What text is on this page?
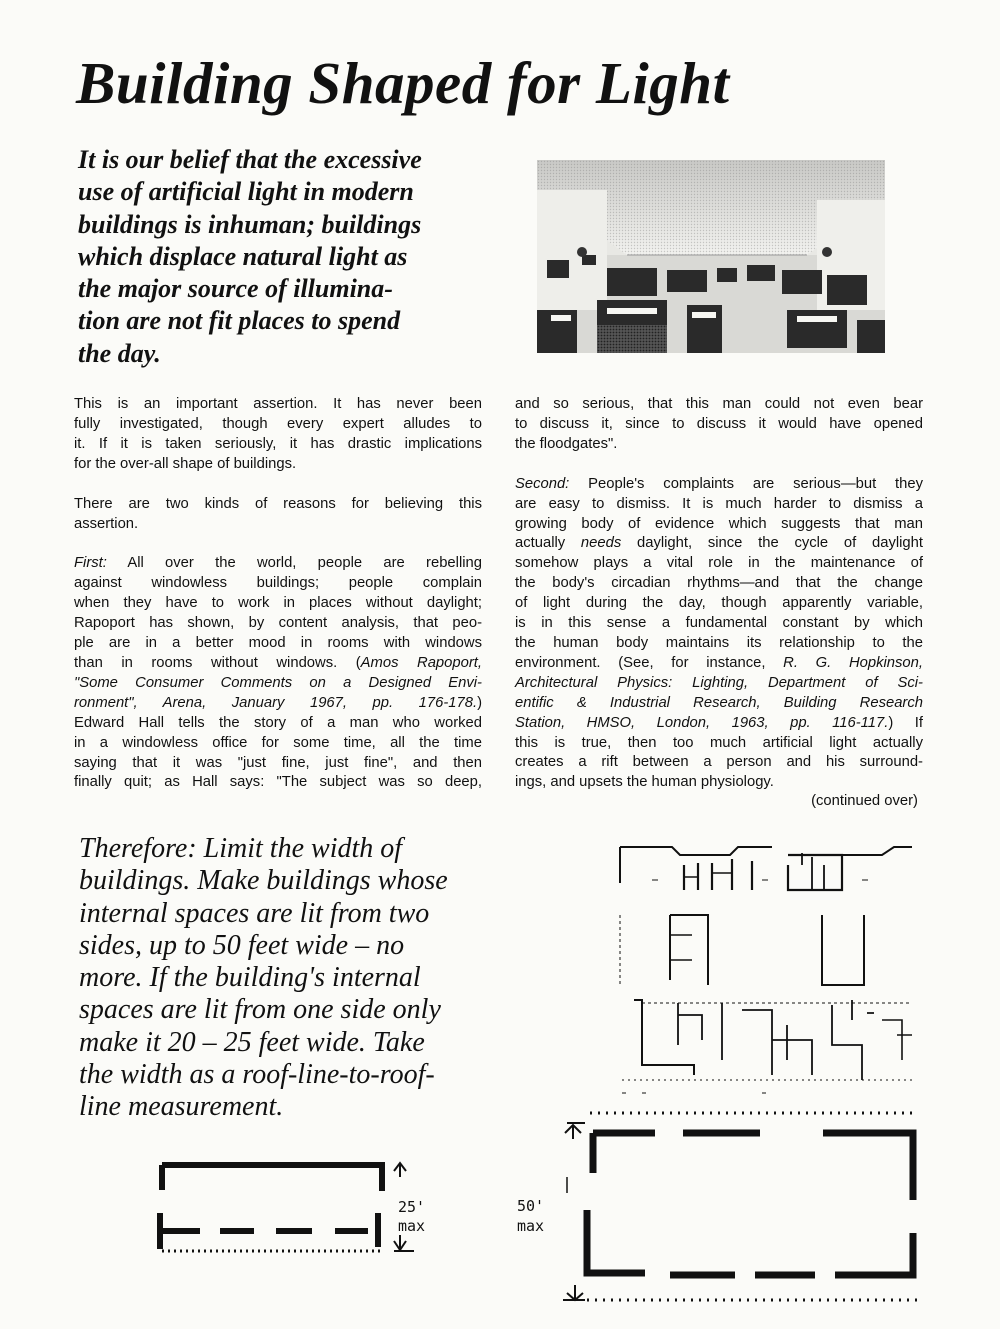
Building Shaped for Light
It is our belief that the excessive
use of artificial light in modern
buildings is inhuman; buildings
which displace natural light as
the major source of illumina-
tion are not fit places to spend
the day.

This is an important assertion. It has never been
fully investigated, though every expert alludes to
it. If it is taken seriously, it has drastic implications
for the over-all shape of buildings.

There are two kinds of reasons for believing this
assertion.

First: All over the world, people are rebelling
against windowless buildings; people complain
when they have to work in places without daylight;
Rapoport has shown, by content analysis, that peo-
ple are in a better mood in rooms with windows
than in rooms without windows. (Amos Rapoport,
"Some Consumer Comments on a Designed Envi-
ronment", Arena, January 1967, pp. 176-178.)
Edward Hall tells the story of a man who worked
in a windowless office for some time, all the time
saying that it was "just fine, just fine", and then
finally quit; as Hall says: "The subject was so deep,

and so serious, that this man could not even bear
to discuss it, since to discuss it would have opened
the floodgates".

Second: People's complaints are serious—but they
are easy to dismiss. It is much harder to dismiss a
growing body of evidence which suggests that man
actually needs daylight, since the cycle of daylight
somehow plays a vital role in the maintenance of
the body's circadian rhythms—and that the change
of light during the day, though apparently variable,
is in this sense a fundamental constant by which
the human body maintains its relationship to the
environment. (See, for instance, R. G. Hopkinson,
Architectural Physics: Lighting, Department of Sci-
entific & Industrial Research, Building Research
Station, HMSO, London, 1963, pp. 116-117.) If
this is true, then too much artificial light actually
creates a rift between a person and his surround-
ings, and upsets the human physiology.

(continued over)
Therefore: Limit the width of
buildings. Make buildings whose
internal spaces are lit from two
sides, up to 50 feet wide – no
more. If the building's internal
spaces are lit from one side only
make it 20 – 25 feet wide. Take
the width as a roof-line-to-roof-
line measurement.
25'
max
50'
max
